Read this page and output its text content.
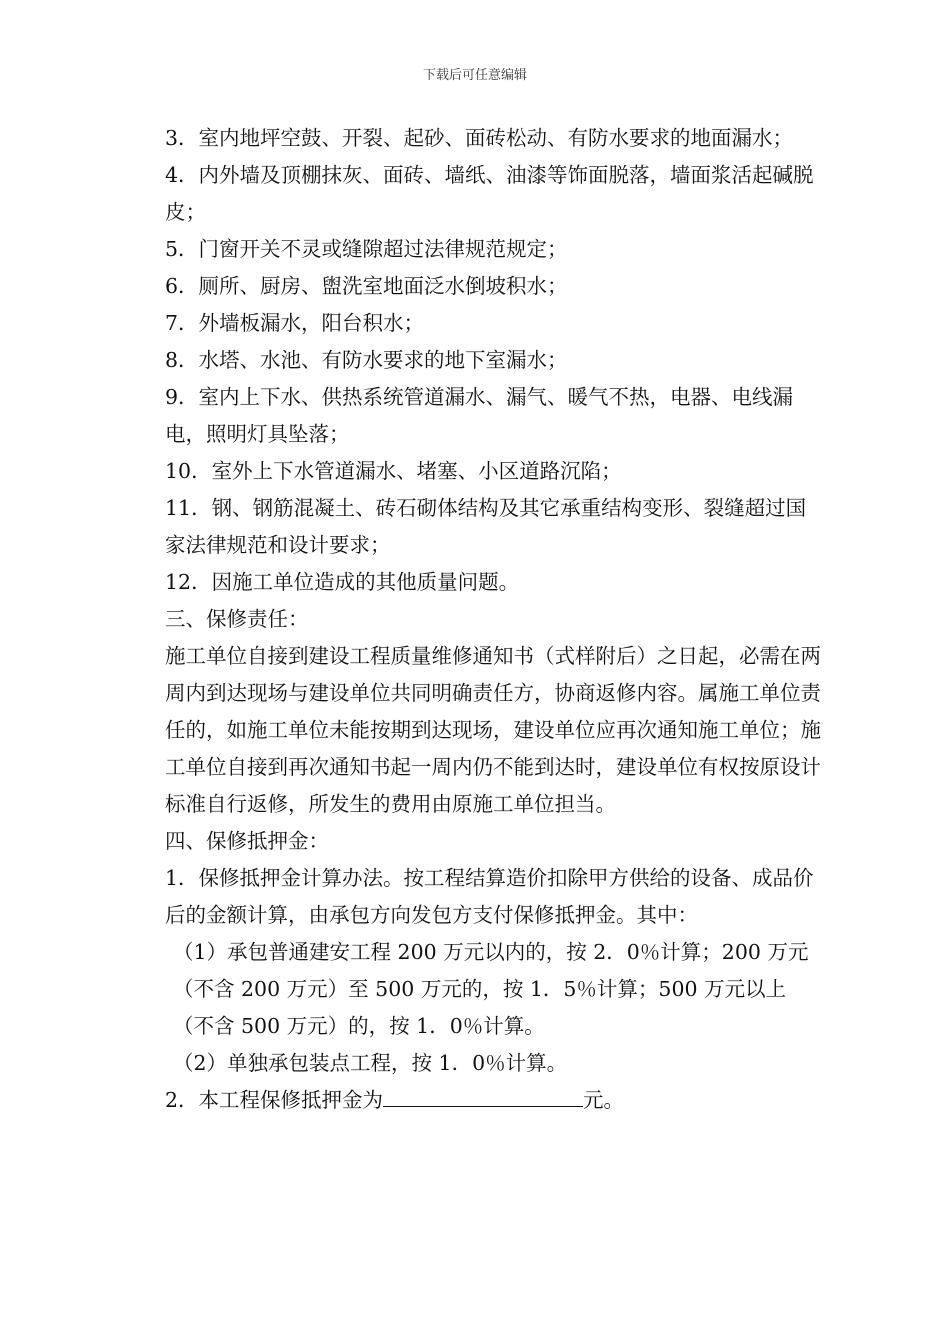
下载后可任意编辑

3．室内地坪空鼓、开裂、起砂、面砖松动、有防水要求的地面漏水；

4．内外墙及顶棚抹灰、面砖、墙纸、油漆等饰面脱落，墙面浆活起碱脱皮；

5．门窗开关不灵或缝隙超过法律规范规定；

6．厕所、厨房、盥洗室地面泛水倒坡积水；

7．外墙板漏水，阳台积水；

8．水塔、水池、有防水要求的地下室漏水；

9．室内上下水、供热系统管道漏水、漏气、暖气不热，电器、电线漏电，照明灯具坠落；

10．室外上下水管道漏水、堵塞、小区道路沉陷；

11．钢、钢筋混凝土、砖石砌体结构及其它承重结构变形、裂缝超过国家法律规范和设计要求；

12．因施工单位造成的其他质量问题。

三、保修责任：

施工单位自接到建设工程质量维修通知书（式样附后）之日起，必需在两周内到达现场与建设单位共同明确责任方，协商返修内容。属施工单位责任的，如施工单位未能按期到达现场，建设单位应再次通知施工单位；施工单位自接到再次通知书起一周内仍不能到达时，建设单位有权按原设计标准自行返修，所发生的费用由原施工单位担当。

四、保修抵押金：

1．保修抵押金计算办法。按工程结算造价扣除甲方供给的设备、成品价后的金额计算，由承包方向发包方支付保修抵押金。其中：

（1）承包普通建安工程 200 万元以内的，按 2．0％计算；200 万元（不含 200 万元）至 500 万元的，按 1．5％计算；500 万元以上（不含 500 万元）的，按 1．0％计算。

（2）单独承包装点工程，按 1．0％计算。

2．本工程保修抵押金为	元。
